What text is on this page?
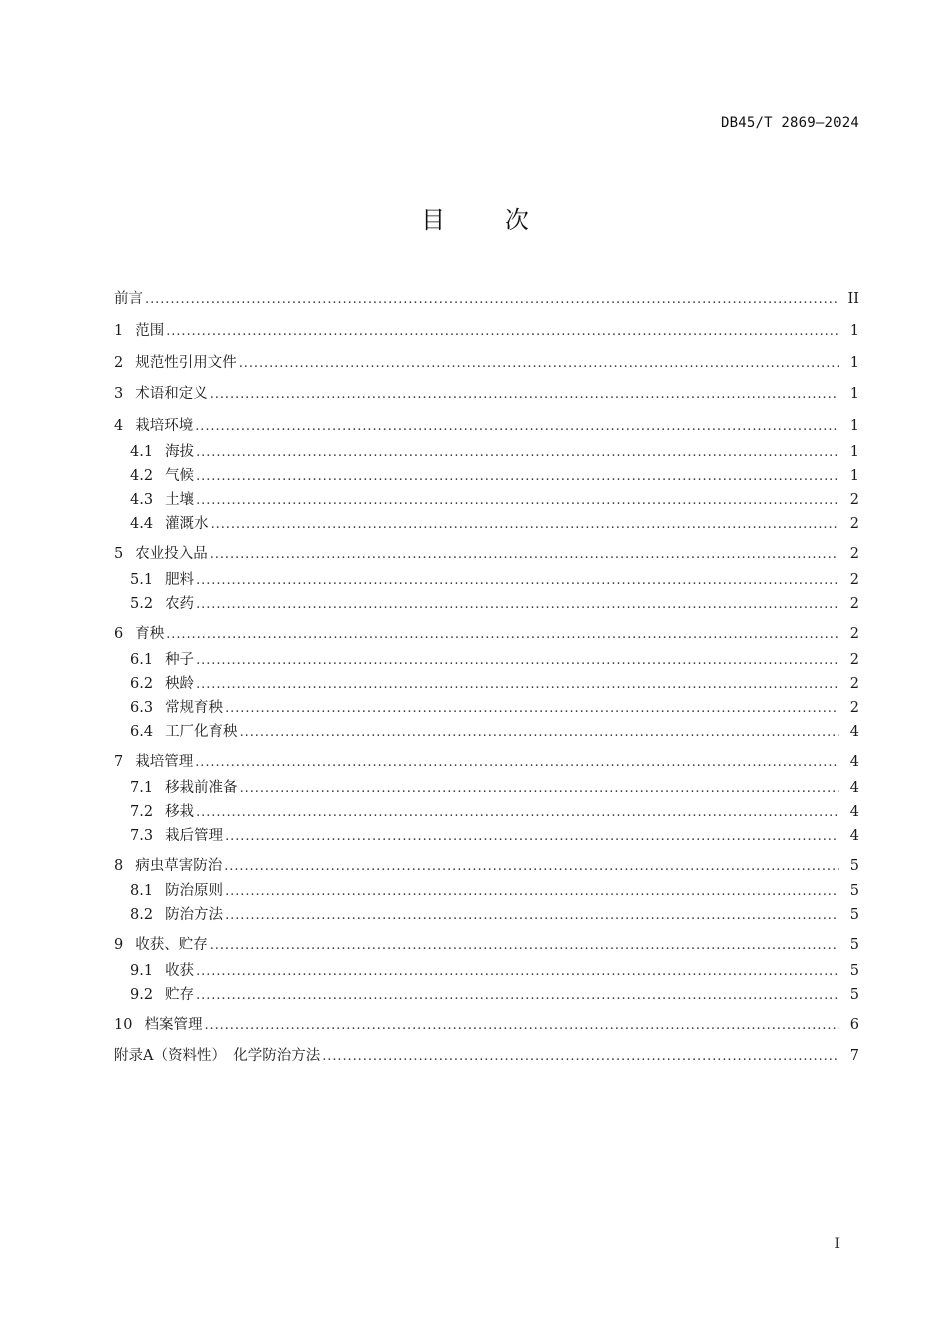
DB45/T 2869—2024
目 次
前言 . . .	II
1 范围 . . .	1
2 规范性引用文件 . . .	1
3 术语和定义 . . .	1
4 栽培环境 . . .	1
4.1 海拔 . . .	1
4.2 气候 . . .	1
4.3 土壤 . . .	2
4.4 灌溉水 . . .	2
5 农业投入品 . . .	2
5.1 肥料 . . .	2
5.2 农药 . . .	2
6 育秧 . . .	2
6.1 种子 . . .	2
6.2 秧龄 . . .	2
6.3 常规育秧 . . .	2
6.4 工厂化育秧 . . .	4
7 栽培管理 . . .	4
7.1 移栽前准备 . . .	4
7.2 移栽 . . .	4
7.3 栽后管理 . . .	4
8 病虫草害防治 . . .	5
8.1 防治原则 . . .	5
8.2 防治方法 . . .	5
9 收获、贮存 . . .	5
9.1 收获 . . .	5
9.2 贮存 . . .	5
10 档案管理 . . .	6
附录A（资料性）　化学防治方法 . . .	7
I
